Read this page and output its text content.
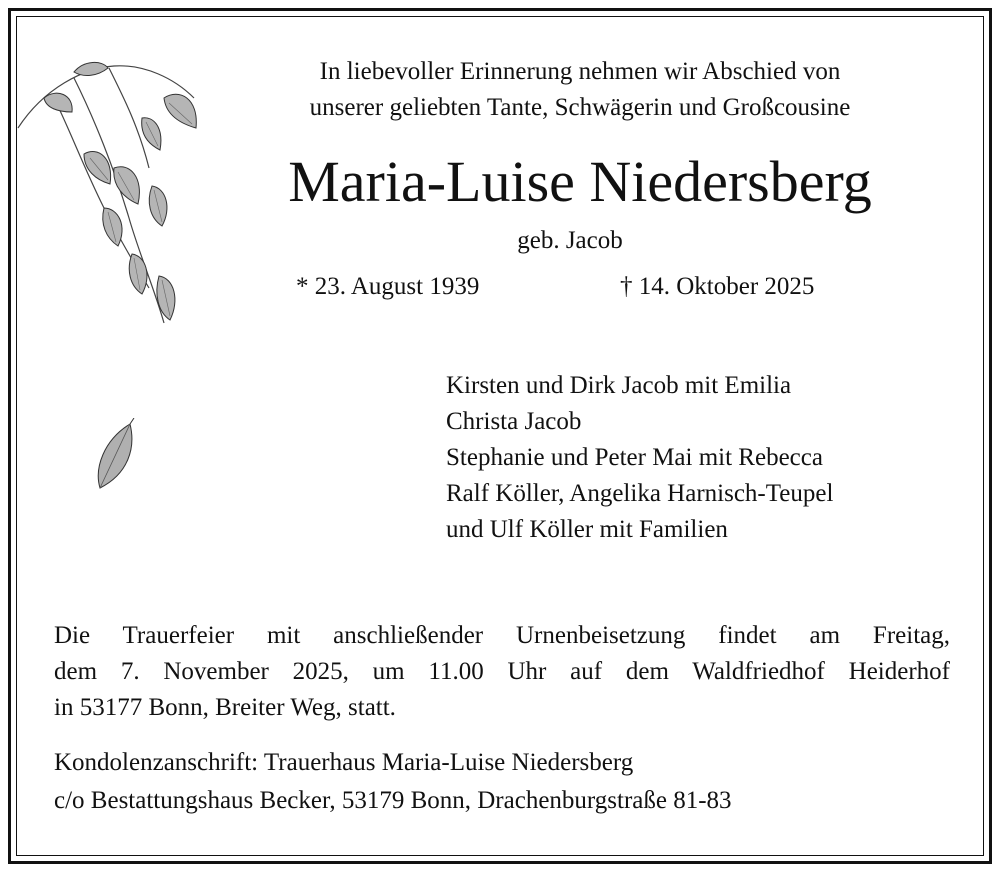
In liebevoller Erinnerung nehmen wir Abschied von
unserer geliebten Tante, Schwägerin und Großcousine
Maria-Luise Niedersberg
geb. Jacob
* 23. August 1939	† 14. Oktober 2025
Kirsten und Dirk Jacob mit Emilia
Christa Jacob
Stephanie und Peter Mai mit Rebecca
Ralf Köller, Angelika Harnisch-Teupel
und Ulf Köller mit Familien
Die Trauerfeier mit anschließender Urnenbeisetzung findet am Freitag,
dem 7. November 2025, um 11.00 Uhr auf dem Waldfriedhof Heiderhof
in 53177 Bonn, Breiter Weg, statt.
Kondolenzanschrift: Trauerhaus Maria-Luise Niedersberg
c/o Bestattungshaus Becker, 53179 Bonn, Drachenburgstraße 81-83
